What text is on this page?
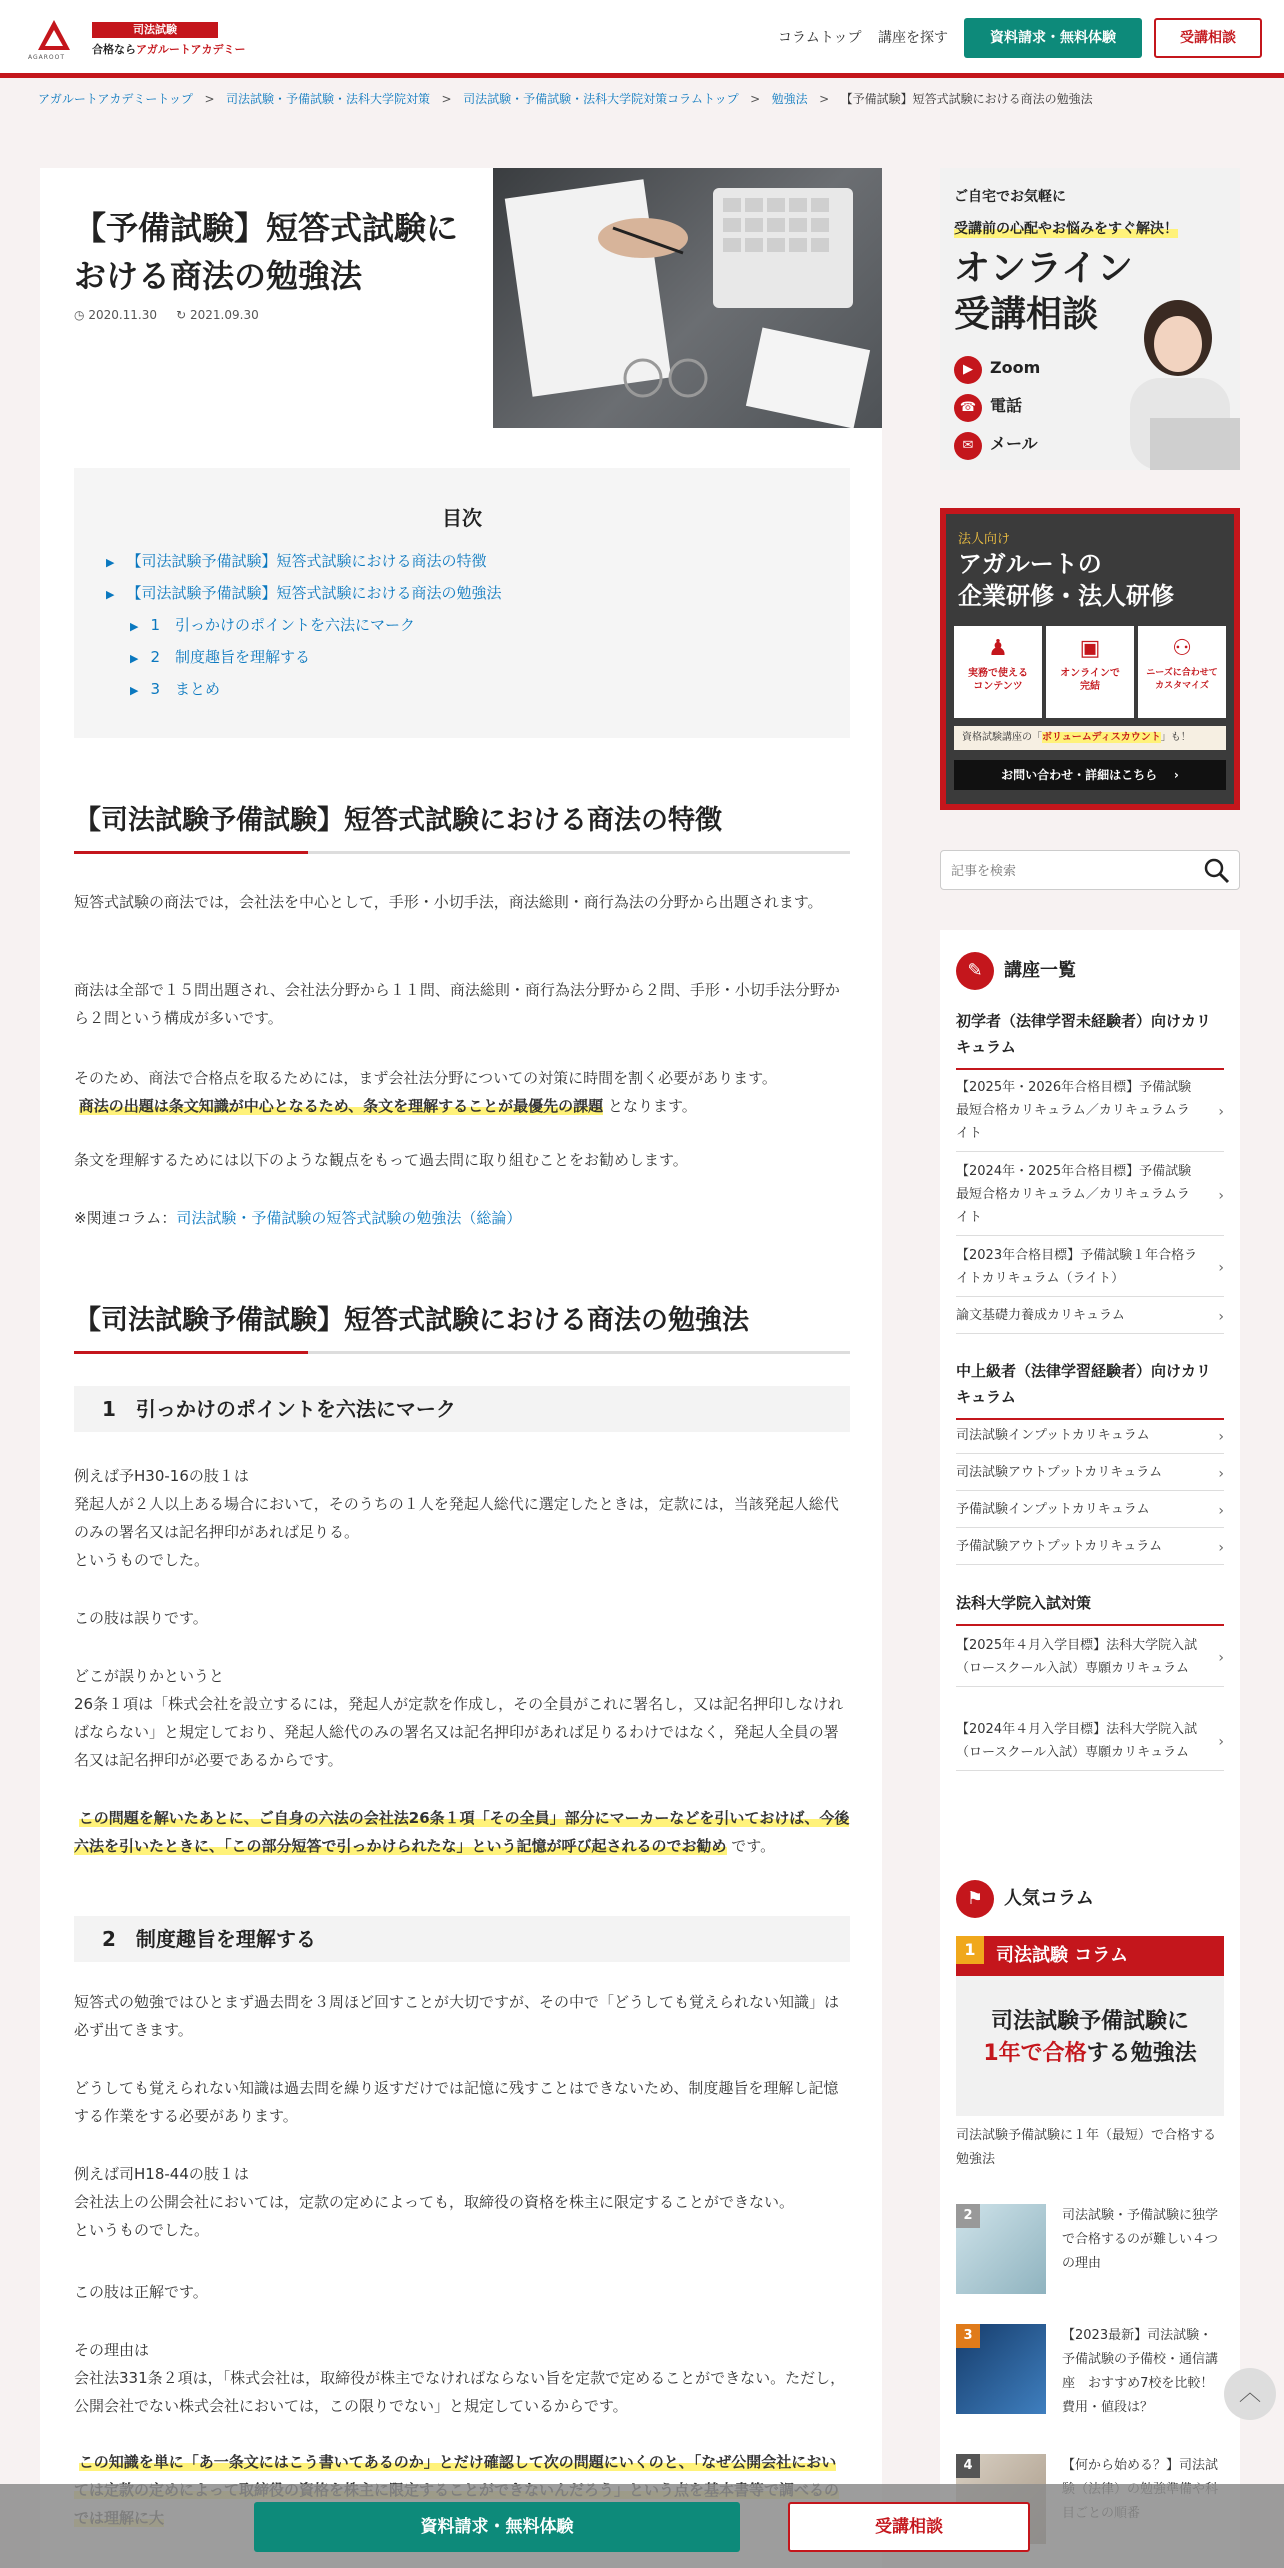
AGAROOT
司法試験
合格ならアガルートアカデミー
コラムトップ 講座を探す	資料請求・無料体験	受講相談
アガルートアカデミートップ > 司法試験・予備試験・法科大学院対策 > 司法試験・予備試験・法科大学院対策コラムトップ > 勉強法 > 【予備試験】短答式試験における商法の勉強法
【予備試験】短答式試験における商法の勉強法
◷ 2020.11.30 ↻ 2021.09.30
目次
▶ 【司法試験予備試験】短答式試験における商法の特徴
▶ 【司法試験予備試験】短答式試験における商法の勉強法
▶ 1　引っかけのポイントを六法にマーク
▶ 2　制度趣旨を理解する
▶ 3　まとめ
【司法試験予備試験】短答式試験における商法の特徴

短答式試験の商法では，会社法を中心として，手形・小切手法，商法総則・商行為法の分野から出題されます。

商法は全部で１５問出題され、会社法分野から１１問、商法総則・商行為法分野から２問、手形・小切手法分野から２問という構成が多いです。

そのため、商法で合格点を取るためには，まず会社法分野についての対策に時間を割く必要があります。
商法の出題は条文知識が中心となるため、条文を理解することが最優先の課題 となります。

条文を理解するためには以下のような観点をもって過去問に取り組むことをお勧めします。

※関連コラム：司法試験・予備試験の短答式試験の勉強法（総論）

【司法試験予備試験】短答式試験における商法の勉強法
1　引っかけのポイントを六法にマーク

例えば予H30-16の肢１は
発起人が２人以上ある場合において，そのうちの１人を発起人総代に選定したときは，定款には，当該発起人総代のみの署名又は記名押印があれば足りる。
というものでした。

この肢は誤りです。

どこが誤りかというと
26条１項は「株式会社を設立するには，発起人が定款を作成し，その全員がこれに署名し，又は記名押印しなければならない」と規定しており、発起人総代のみの署名又は記名押印があれば足りるわけではなく，発起人全員の署名又は記名押印が必要であるからです。

この問題を解いたあとに、ご自身の六法の会社法26条１項「その全員」部分にマーカーなどを引いておけば、今後六法を引いたときに、「この部分短答で引っかけられたな」という記憶が呼び起されるのでお勧め です。

2　制度趣旨を理解する

短答式の勉強ではひとまず過去問を３周ほど回すことが大切ですが、その中で「どうしても覚えられない知識」は必ず出てきます。

どうしても覚えられない知識は過去問を繰り返すだけでは記憶に残すことはできないため、制度趣旨を理解し記憶する作業をする必要があります。

例えば司H18-44の肢１は
会社法上の公開会社においては，定款の定めによっても，取締役の資格を株主に限定することができない。
というものでした。

この肢は正解です。

その理由は
会社法331条２項は，「株式会社は，取締役が株主でなければならない旨を定款で定めることができない。ただし，公開会社でない株式会社においては，この限りでない」と規定しているからです。

この知識を単に「あ一条文にはこう書いてあるのか」とだけ確認して次の問題にいくのと、「なぜ公開会社におい

ご自宅でお気軽に
受講前の心配やお悩みをすぐ解決！
オンライン
受講相談
▶ Zoom
☎ 電話
✉ メール
法人向け
アガルートの
企業研修・法人研修
♟
実務で使える
コンテンツ
▣
オンラインで
完結
⚇
ニーズに合わせて
カスタマイズ
資格試験講座の「ボリュームディスカウント」も！
お問い合わせ・詳細はこちら ›
記事を検索
✎ 講座一覧
初学者（法律学習未経験者）向けカリキュラム
【2025年・2026年合格目標】予備試験最短合格カリキュラム／カリキュラムライト
›
【2024年・2025年合格目標】予備試験最短合格カリキュラム／カリキュラムライト
›
【2023年合格目標】予備試験１年合格ライトカリキュラム（ライト）
›
論文基礎力養成カリキュラム	›
中上級者（法律学習経験者）向けカリキュラム
司法試験インプットカリキュラム	›
司法試験アウトプットカリキュラム	›
予備試験インプットカリキュラム	›
予備試験アウトプットカリキュラム	›
法科大学院入試対策
【2025年４月入学目標】法科大学院入試（ロースクール入試）専願カリキュラム
›
【2024年４月入学目標】法科大学院入試（ロースクール入試）専願カリキュラム
›
⚑ 人気コラム
司法試験 コラム
1
司法試験予備試験に
1年で合格する勉強法
司法試験予備試験に１年（最短）で合格する勉強法
2	司法試験・予備試験に独学で合格するのが難しい４つの理由
3	【2023最新】司法試験・予備試験の予備校・通信講座　おすすめ7校を比較！費用・値段は？
4	【何から始める？】司法試
︿
資料請求・無料体験	受講相談
